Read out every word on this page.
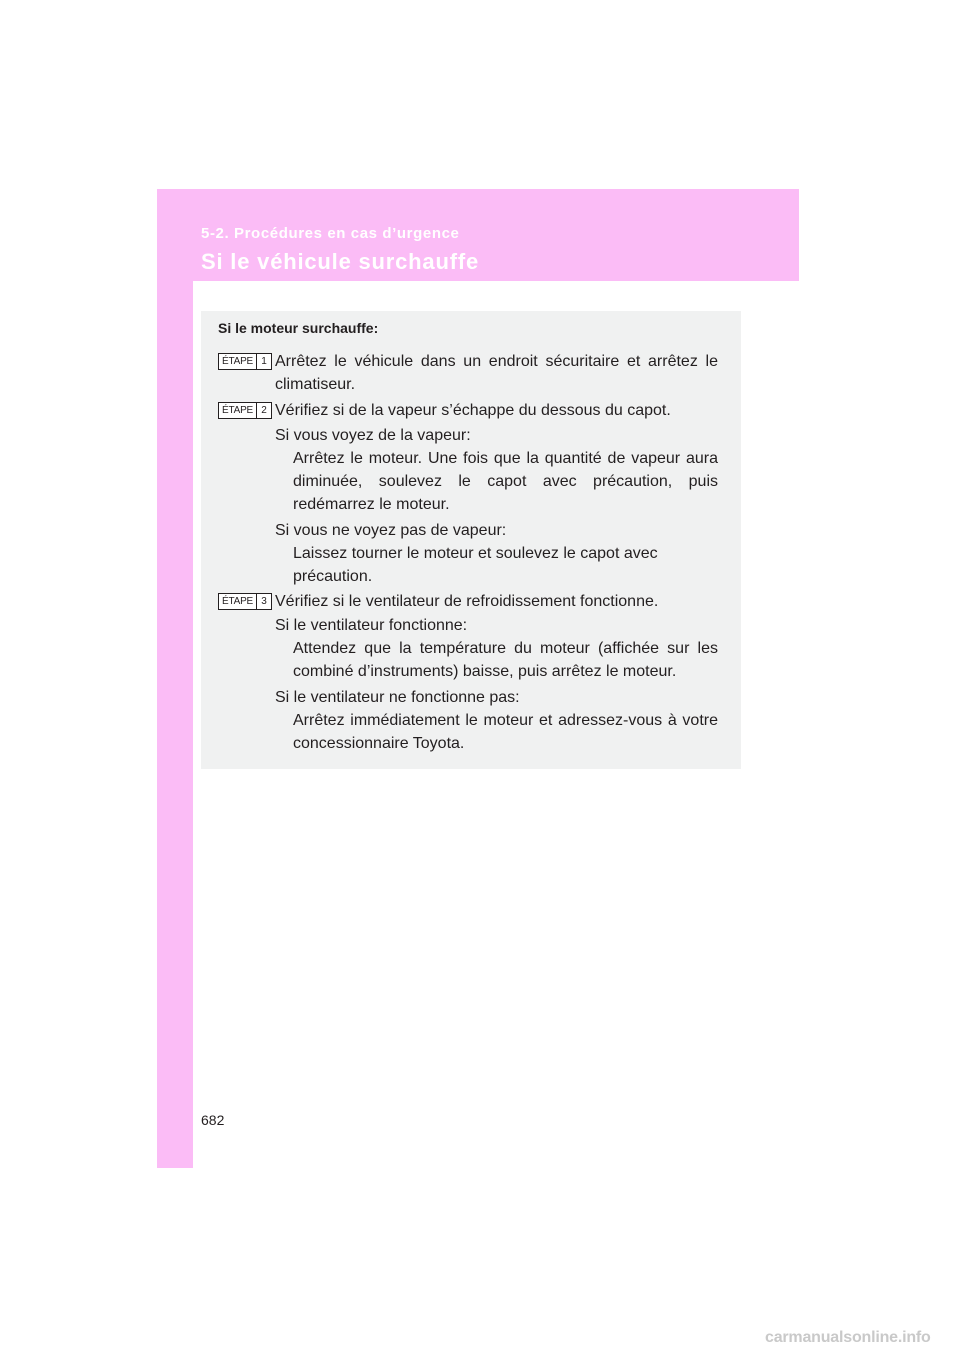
5-2. Procédures en cas d’urgence
Si le véhicule surchauffe
Si le moteur surchauffe:
ÉTAPE 1 Arrêtez le véhicule dans un endroit sécuritaire et arrêtez le climatiseur.
ÉTAPE 2 Vérifiez si de la vapeur s’échappe du dessous du capot.
Si vous voyez de la vapeur:
Arrêtez le moteur. Une fois que la quantité de vapeur aura diminuée, soulevez le capot avec précaution, puis redémarrez le moteur.
Si vous ne voyez pas de vapeur:
Laissez tourner le moteur et soulevez le capot avec
précaution.
ÉTAPE 3 Vérifiez si le ventilateur de refroidissement fonctionne.
Si le ventilateur fonctionne:
Attendez que la température du moteur (affichée sur les combiné d’instruments) baisse, puis arrêtez le moteur.
Si le ventilateur ne fonctionne pas:
Arrêtez immédiatement le moteur et adressez-vous à votre concessionnaire Toyota.
682
carmanualsonline.info
